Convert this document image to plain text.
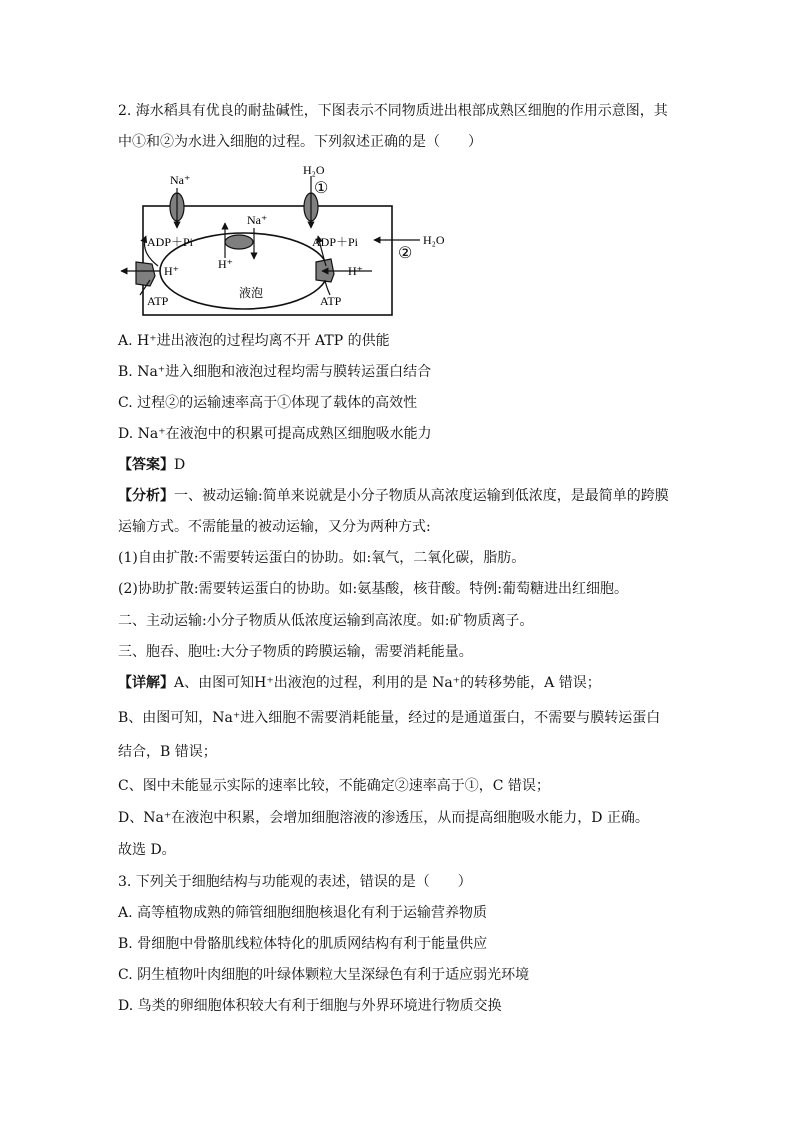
2. 海水稻具有优良的耐盐碱性，下图表示不同物质进出根部成熟区细胞的作用示意图，其
中①和②为水进入细胞的过程。下列叙述正确的是（　　）
Na⁺
H₂O
①
Na⁺
H⁺
ADP＋Pi	ADP＋Pi
H⁺
ATP
H⁺
ATP
液泡
H₂O
②
A. H⁺进出液泡的过程均离不开 ATP 的供能
B. Na⁺进入细胞和液泡过程均需与膜转运蛋白结合
C. 过程②的运输速率高于①体现了载体的高效性
D. Na⁺在液泡中的积累可提高成熟区细胞吸水能力
【答案】D
【分析】一、被动运输:简单来说就是小分子物质从高浓度运输到低浓度，是最简单的跨膜
运输方式。不需能量的被动运输，又分为两种方式:
(1)自由扩散:不需要转运蛋白的协助。如:氧气，二氧化碳，脂肪。
(2)协助扩散:需要转运蛋白的协助。如:氨基酸，核苷酸。特例:葡萄糖进出红细胞。
二、主动运输:小分子物质从低浓度运输到高浓度。如:矿物质离子。
三、胞吞、胞吐:大分子物质的跨膜运输，需要消耗能量。
【详解】A、由图可知H⁺出液泡的过程，利用的是 Na⁺的转移势能，A 错误；
B、由图可知，Na⁺进入细胞不需要消耗能量，经过的是通道蛋白，不需要与膜转运蛋白
结合，B 错误；
C、图中未能显示实际的速率比较，不能确定②速率高于①，C 错误；
D、Na⁺在液泡中积累，会增加细胞溶液的渗透压，从而提高细胞吸水能力，D 正确。
故选 D。
3. 下列关于细胞结构与功能观的表述，错误的是（　　）
A. 高等植物成熟的筛管细胞细胞核退化有利于运输营养物质
B. 骨细胞中骨骼肌线粒体特化的肌质网结构有利于能量供应
C. 阴生植物叶肉细胞的叶绿体颗粒大呈深绿色有利于适应弱光环境
D. 鸟类的卵细胞体积较大有利于细胞与外界环境进行物质交换
